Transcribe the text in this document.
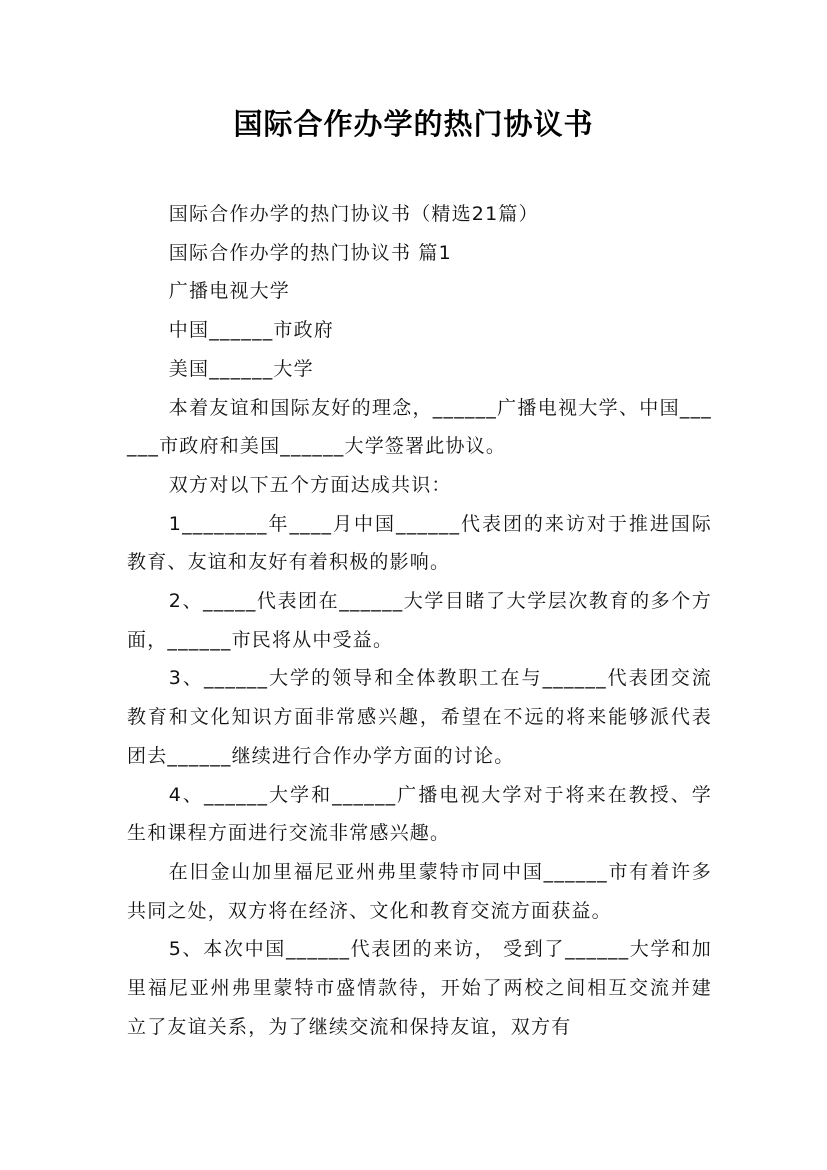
国际合作办学的热门协议书

国际合作办学的热门协议书（精选21篇）

国际合作办学的热门协议书 篇1

广播电视大学

中国______市政府

美国______大学

本着友谊和国际友好的理念，______广播电视大学、中国______市政府和美国______大学签署此协议。

双方对以下五个方面达成共识：

1________年____月中国______代表团的来访对于推进国际教育、友谊和友好有着积极的影响。

2、_____代表团在______大学目睹了大学层次教育的多个方面，______市民将从中受益。

3、______大学的领导和全体教职工在与______代表团交流教育和文化知识方面非常感兴趣，希望在不远的将来能够派代表团去______继续进行合作办学方面的讨论。

4、______大学和______广播电视大学对于将来在教授、学生和课程方面进行交流非常感兴趣。

在旧金山加里福尼亚州弗里蒙特市同中国______市有着许多共同之处，双方将在经济、文化和教育交流方面获益。

5、本次中国______代表团的来访， 受到了______大学和加里福尼亚州弗里蒙特市盛情款待，开始了两校之间相互交流并建立了友谊关系，为了继续交流和保持友谊，双方有
